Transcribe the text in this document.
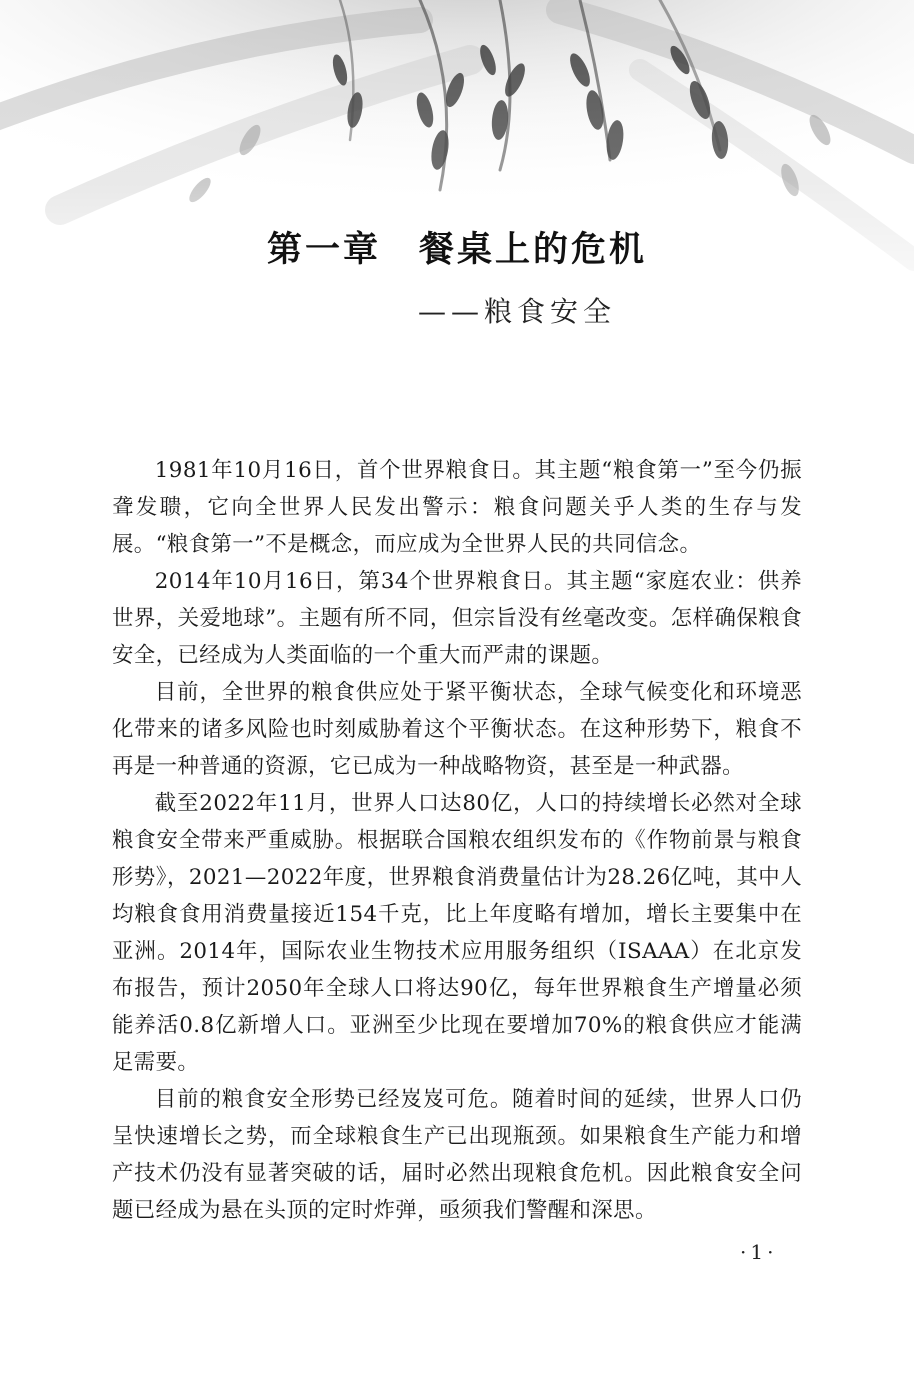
第一章 餐桌上的危机

——粮食安全

1981年10月16日，首个世界粮食日。其主题“粮食第一”至今仍振聋发聩，它向全世界人民发出警示：粮食问题关乎人类的生存与发展。“粮食第一”不是概念，而应成为全世界人民的共同信念。

2014年10月16日，第34个世界粮食日。其主题“家庭农业：供养世界，关爱地球”。主题有所不同，但宗旨没有丝毫改变。怎样确保粮食安全，已经成为人类面临的一个重大而严肃的课题。

目前，全世界的粮食供应处于紧平衡状态，全球气候变化和环境恶化带来的诸多风险也时刻威胁着这个平衡状态。在这种形势下，粮食不再是一种普通的资源，它已成为一种战略物资，甚至是一种武器。

截至2022年11月，世界人口达80亿，人口的持续增长必然对全球粮食安全带来严重威胁。根据联合国粮农组织发布的《作物前景与粮食形势》，2021—2022年度，世界粮食消费量估计为28.26亿吨，其中人均粮食食用消费量接近154千克，比上年度略有增加，增长主要集中在亚洲。2014年，国际农业生物技术应用服务组织（ISAAA）在北京发布报告，预计2050年全球人口将达90亿，每年世界粮食生产增量必须能养活0.8亿新增人口。亚洲至少比现在要增加70%的粮食供应才能满足需要。

目前的粮食安全形势已经岌岌可危。随着时间的延续，世界人口仍呈快速增长之势，而全球粮食生产已出现瓶颈。如果粮食生产能力和增产技术仍没有显著突破的话，届时必然出现粮食危机。因此粮食安全问题已经成为悬在头顶的定时炸弹，亟须我们警醒和深思。

·1·
